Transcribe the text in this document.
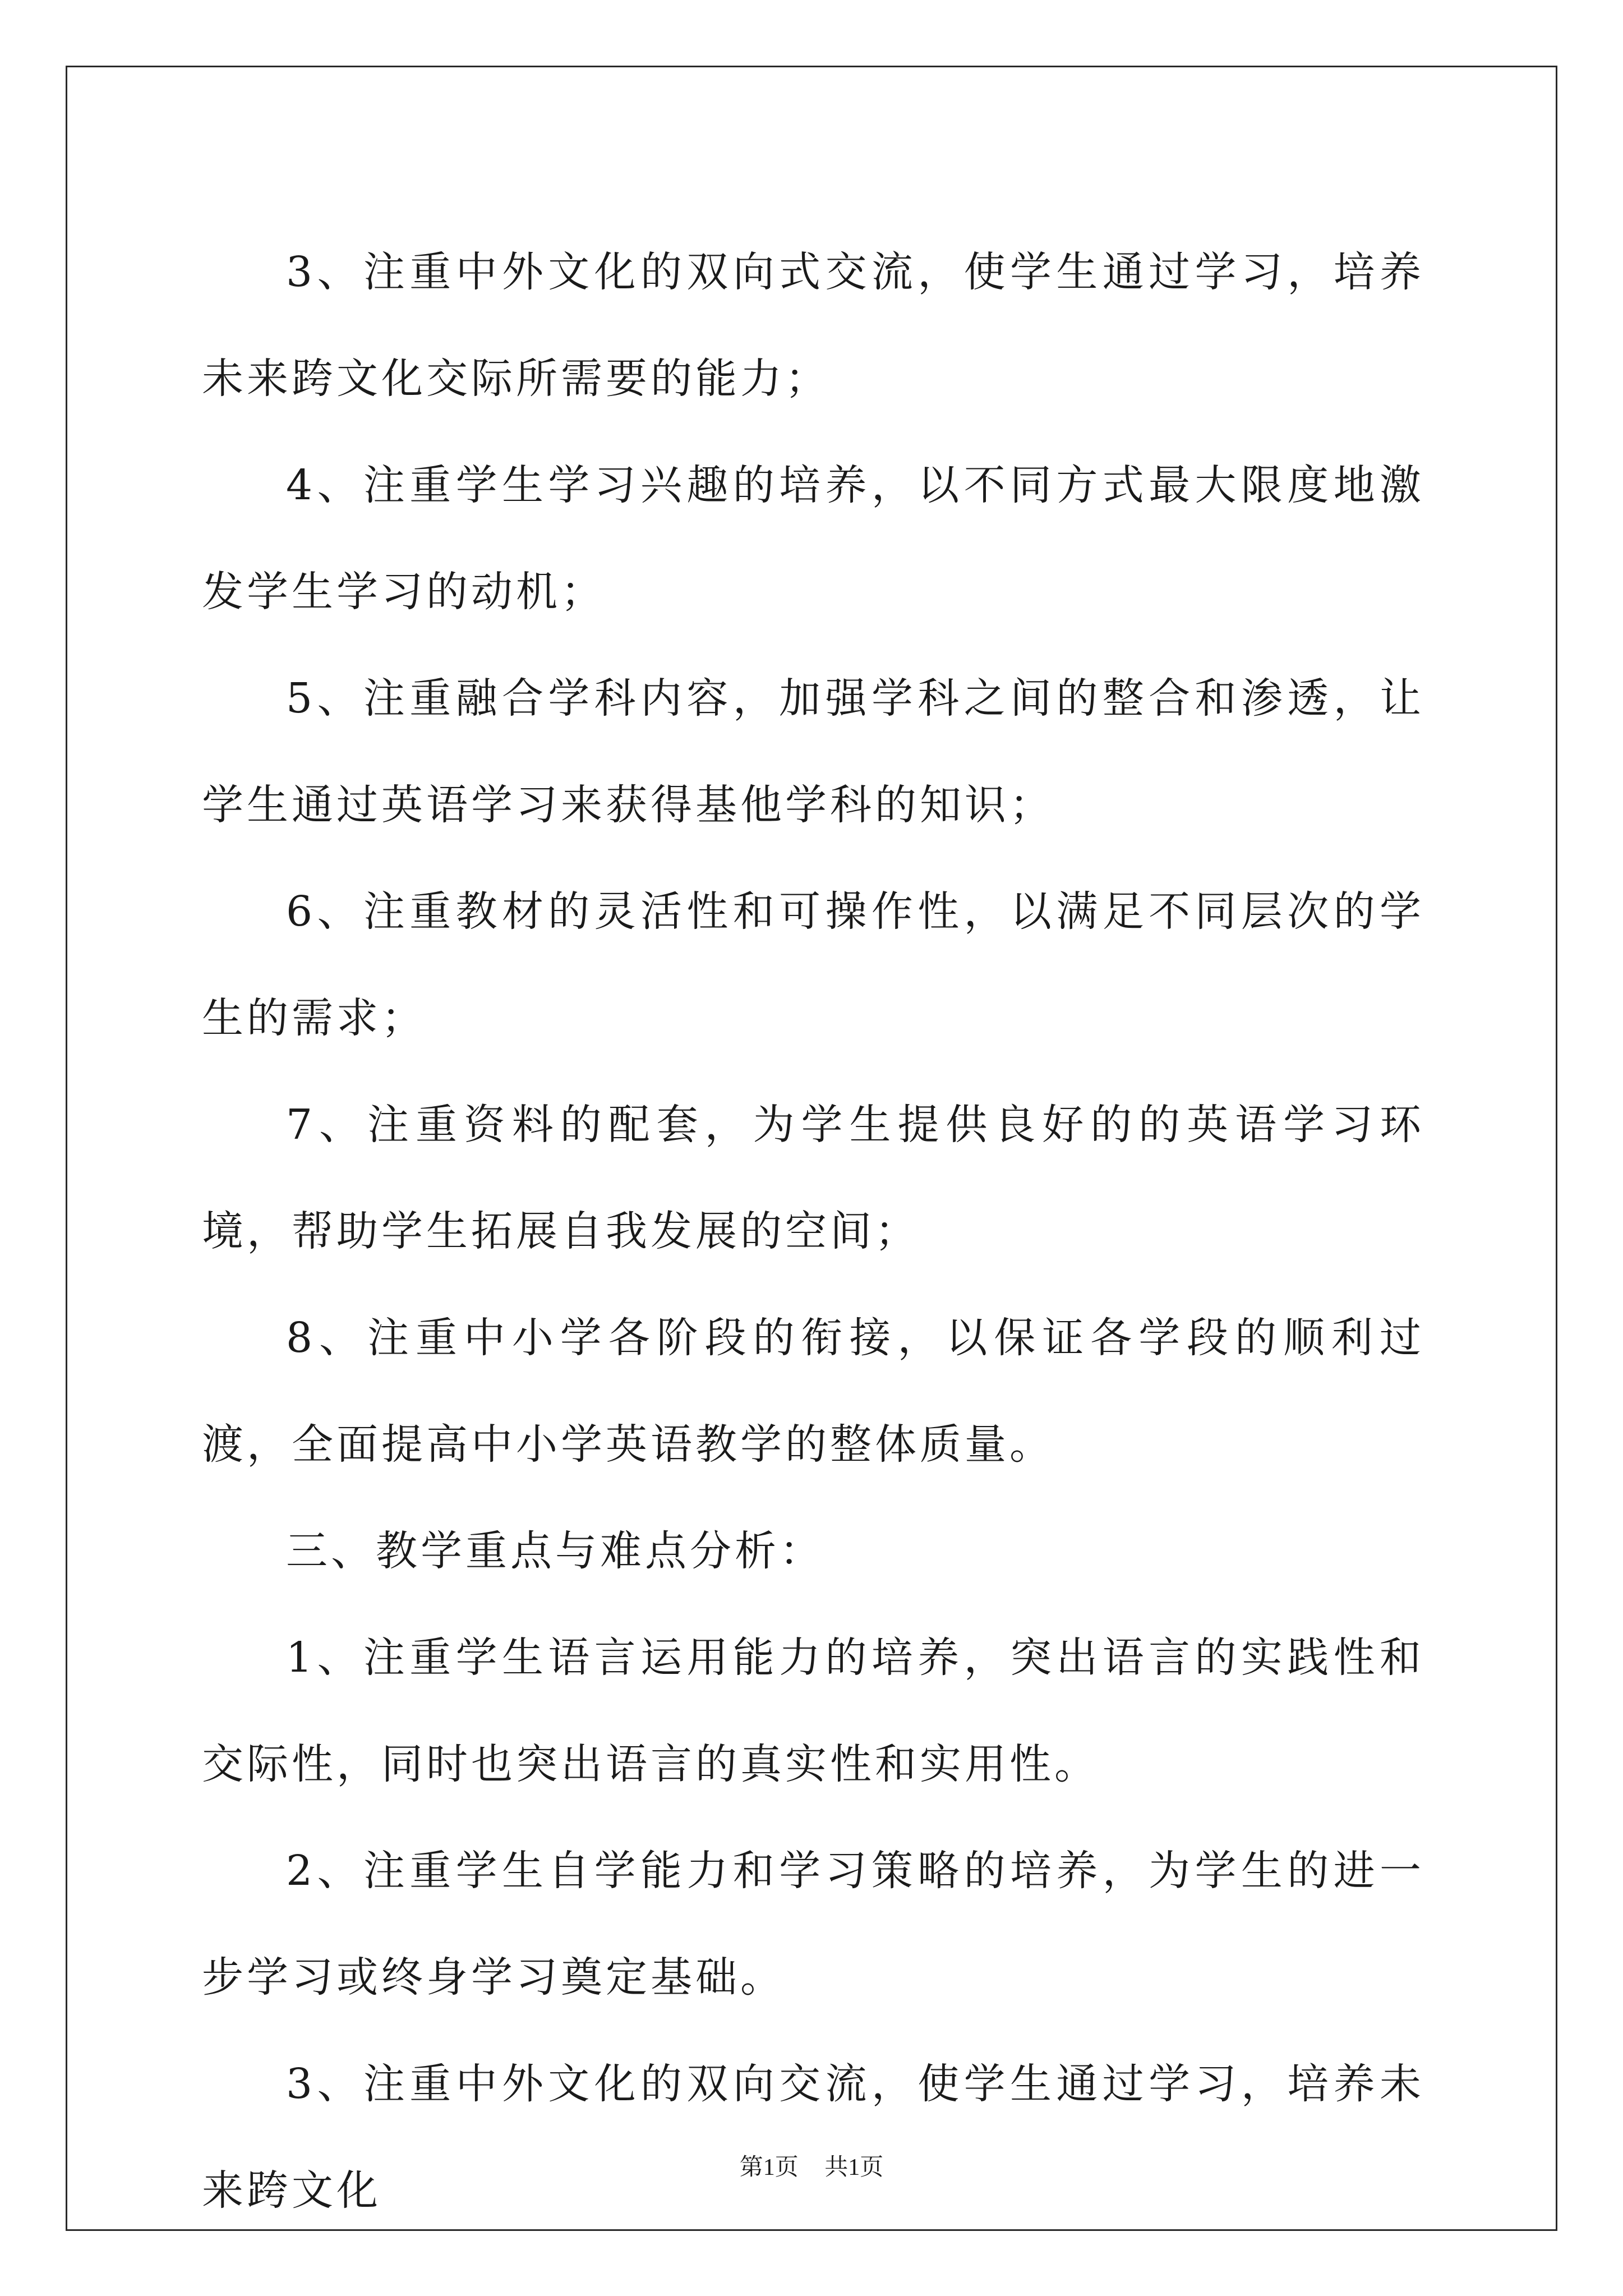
3、注重中外文化的双向式交流，使学生通过学习，培养未来跨文化交际所需要的能力；

4、注重学生学习兴趣的培养，以不同方式最大限度地激发学生学习的动机；

5、注重融合学科内容，加强学科之间的整合和渗透，让学生通过英语学习来获得基他学科的知识；

6、注重教材的灵活性和可操作性，以满足不同层次的学生的需求；

7、注重资料的配套，为学生提供良好的的英语学习环境，帮助学生拓展自我发展的空间；

8、注重中小学各阶段的衔接，以保证各学段的顺利过渡，全面提高中小学英语教学的整体质量。

三、教学重点与难点分析：

1、注重学生语言运用能力的培养，突出语言的实践性和交际性，同时也突出语言的真实性和实用性。

2、注重学生自学能力和学习策略的培养，为学生的进一步学习或终身学习奠定基础。

3、注重中外文化的双向交流，使学生通过学习，培养未来跨文化	第1页 共1页
